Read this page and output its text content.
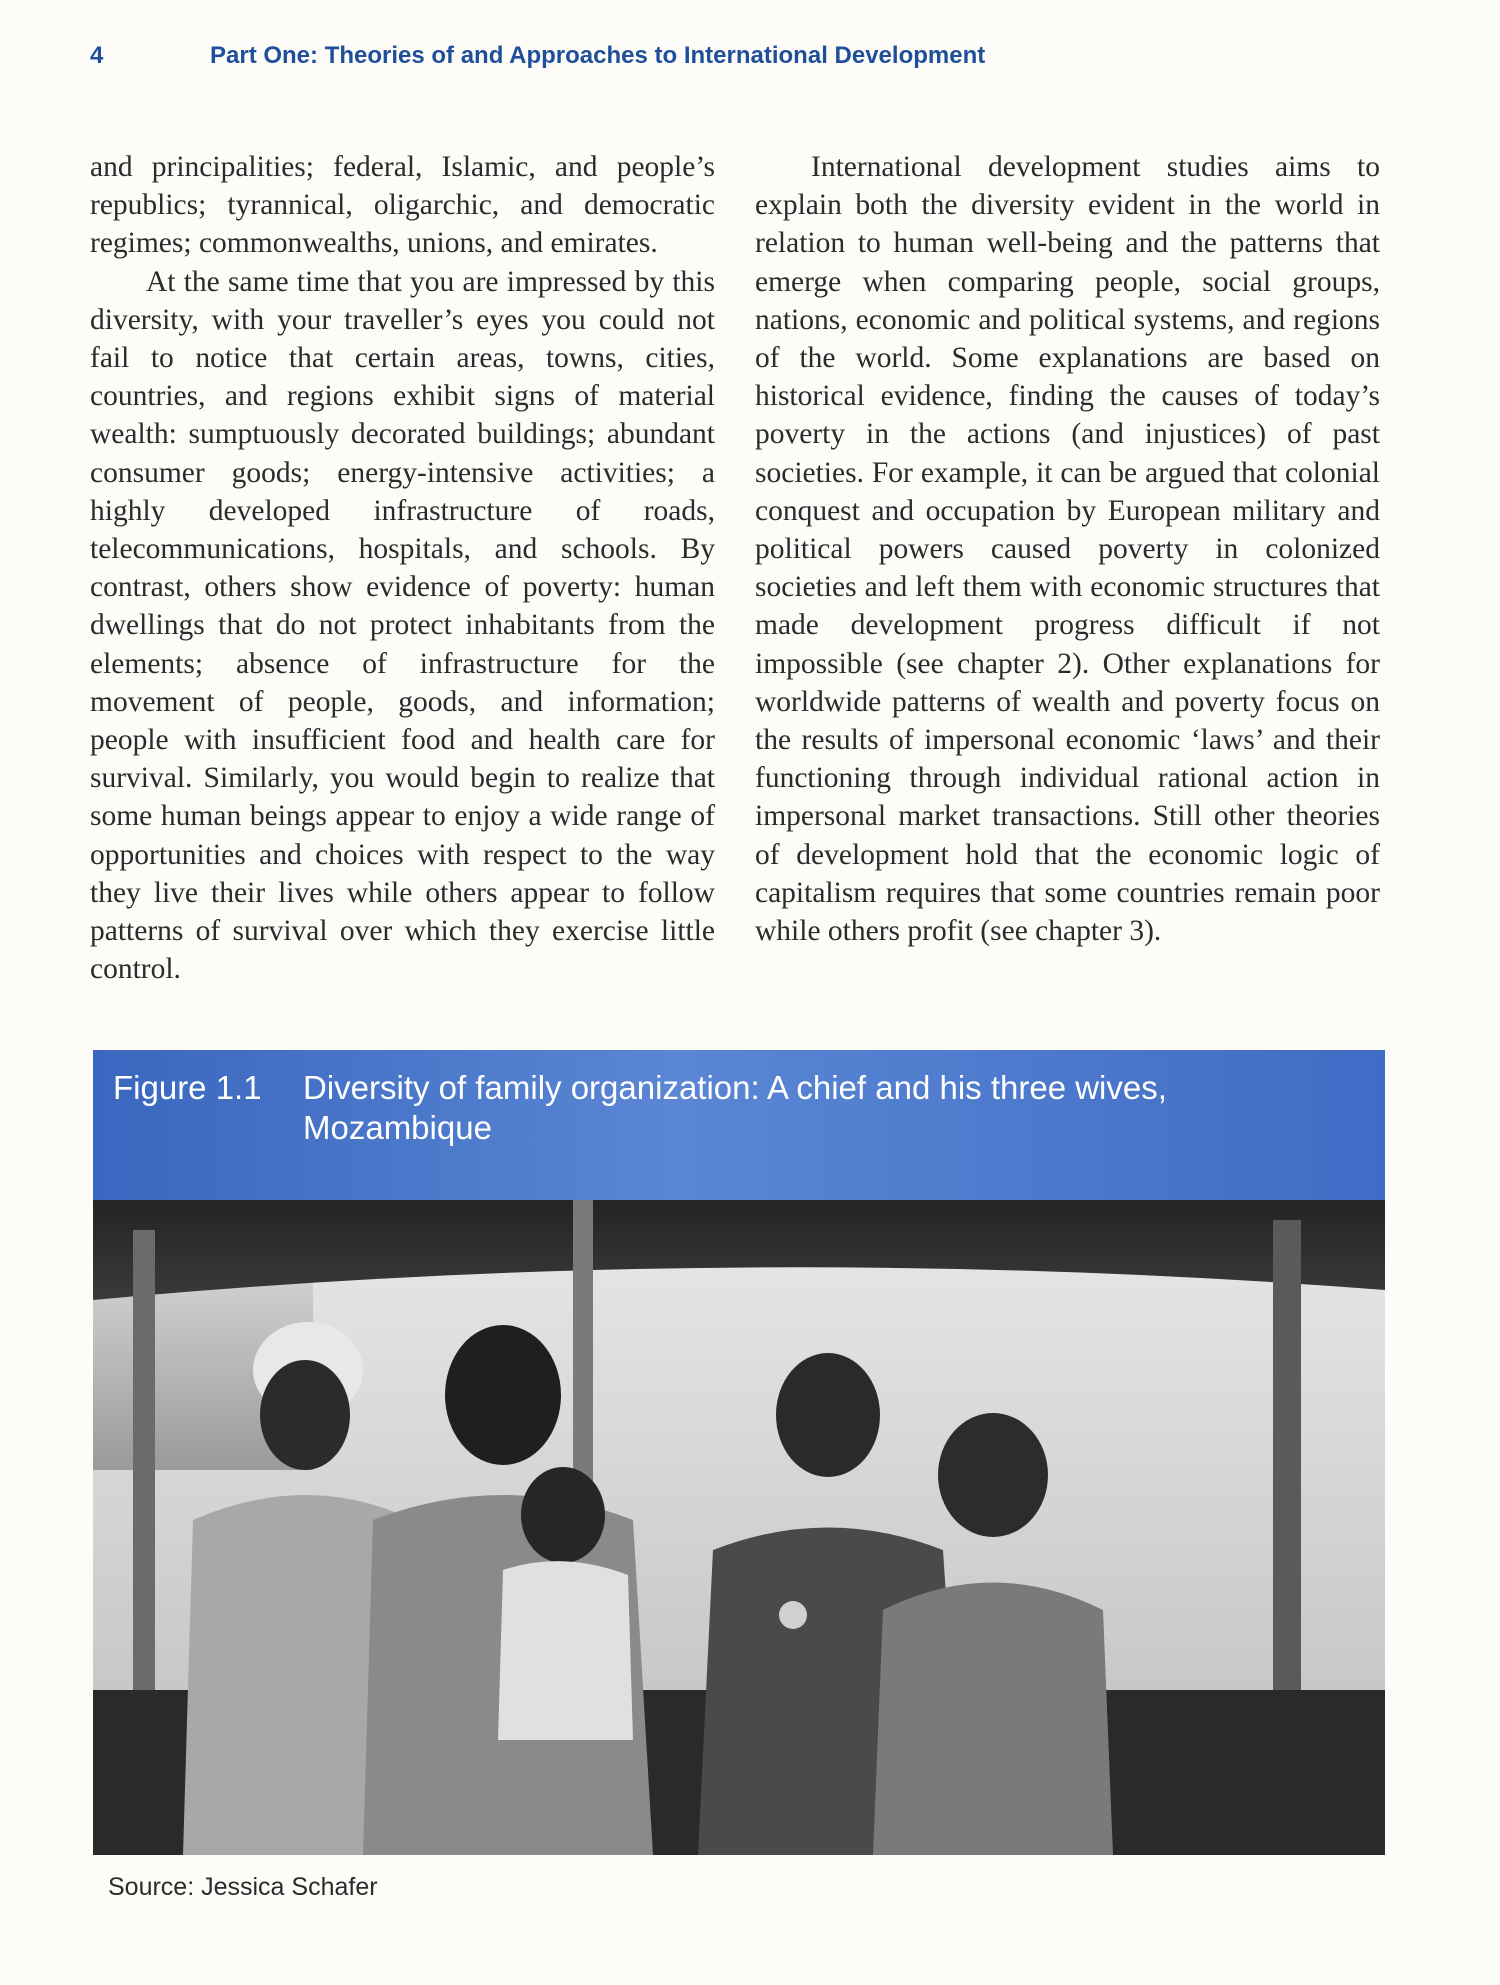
4	Part One: Theories of and Approaches to International Development

and principalities; federal, Islamic, and people’s republics; tyrannical, oligarchic, and democratic regimes; commonwealths, unions, and emirates.

At the same time that you are impressed by this diversity, with your traveller’s eyes you could not fail to notice that certain areas, towns, cities, countries, and regions exhibit signs of material wealth: sumptuously decorated buildings; abundant consumer goods; energy-intensive activities; a highly developed infrastructure of roads, telecommunications, hospitals, and schools. By contrast, others show evidence of poverty: human dwellings that do not protect inhabitants from the elements; absence of infrastructure for the movement of people, goods, and information; people with insufficient food and health care for survival. Similarly, you would begin to realize that some human beings appear to enjoy a wide range of opportunities and choices with respect to the way they live their lives while others appear to follow patterns of survival over which they exercise little control.

International development studies aims to explain both the diversity evident in the world in relation to human well-being and the patterns that emerge when comparing people, social groups, nations, economic and political systems, and regions of the world. Some explanations are based on historical evidence, finding the causes of today’s poverty in the actions (and injustices) of past societies. For example, it can be argued that colonial conquest and occupation by European military and political powers caused poverty in colonized societies and left them with economic structures that made development progress difficult if not impossible (see chapter 2). Other explanations for worldwide patterns of wealth and poverty focus on the results of impersonal economic ‘laws’ and their functioning through individual rational action in impersonal market transactions. Still other theories of development hold that the economic logic of capitalism requires that some countries remain poor while others profit (see chapter 3).

Figure 1.1	Diversity of family organization: A chief and his three wives, Mozambique
Source: Jessica Schafer
